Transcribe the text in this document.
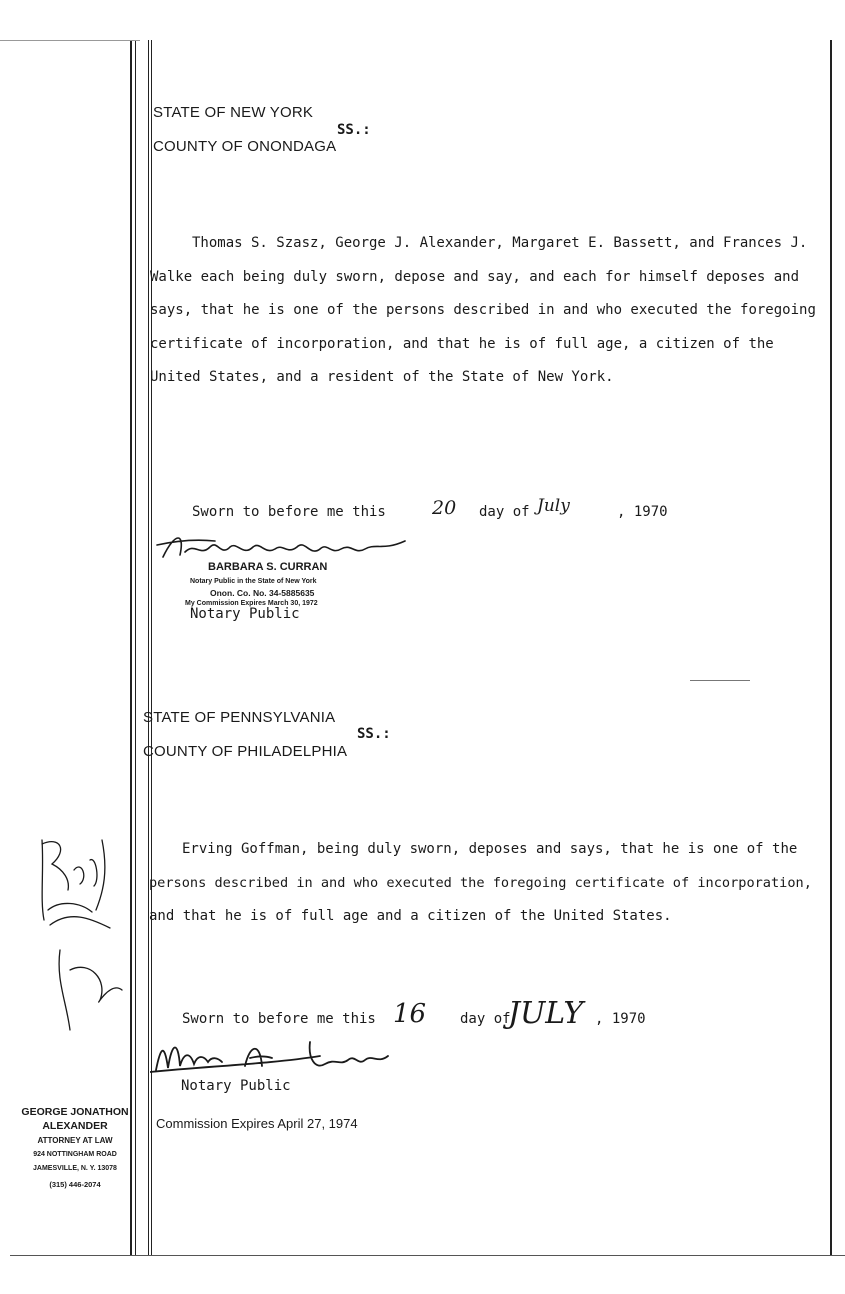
STATE OF NEW YORK
COUNTY OF ONONDAGA
SS.:
Thomas S. Szasz, George J. Alexander, Margaret E. Bassett, and Frances J.
Walke each being duly sworn, depose and say, and each for himself deposes and
says, that he is one of the persons described in and who executed the foregoing
certificate of incorporation, and that he is of full age, a citizen of the
United States, and a resident of the State of New York.
Sworn to before me this 20 day of July	, 1970
BARBARA S. CURRAN
Notary Public in the State of New York
Onon. Co. No. 34-5885635
My Commission Expires March 30, 1972
Notary Public
STATE OF PENNSYLVANIA
COUNTY OF PHILADELPHIA
SS.:
Erving Goffman, being duly sworn, deposes and says, that he is one of the
persons described in and who executed the foregoing certificate of incorporation,
and that he is of full age and a citizen of the United States.
Sworn to before me this 16 day of
JULY , 1970
Notary Public
Commission Expires April 27, 1974
GEORGE JONATHON
ALEXANDER
ATTORNEY AT LAW
924 NOTTINGHAM ROAD
JAMESVILLE, N. Y. 13078
(315) 446-2074
